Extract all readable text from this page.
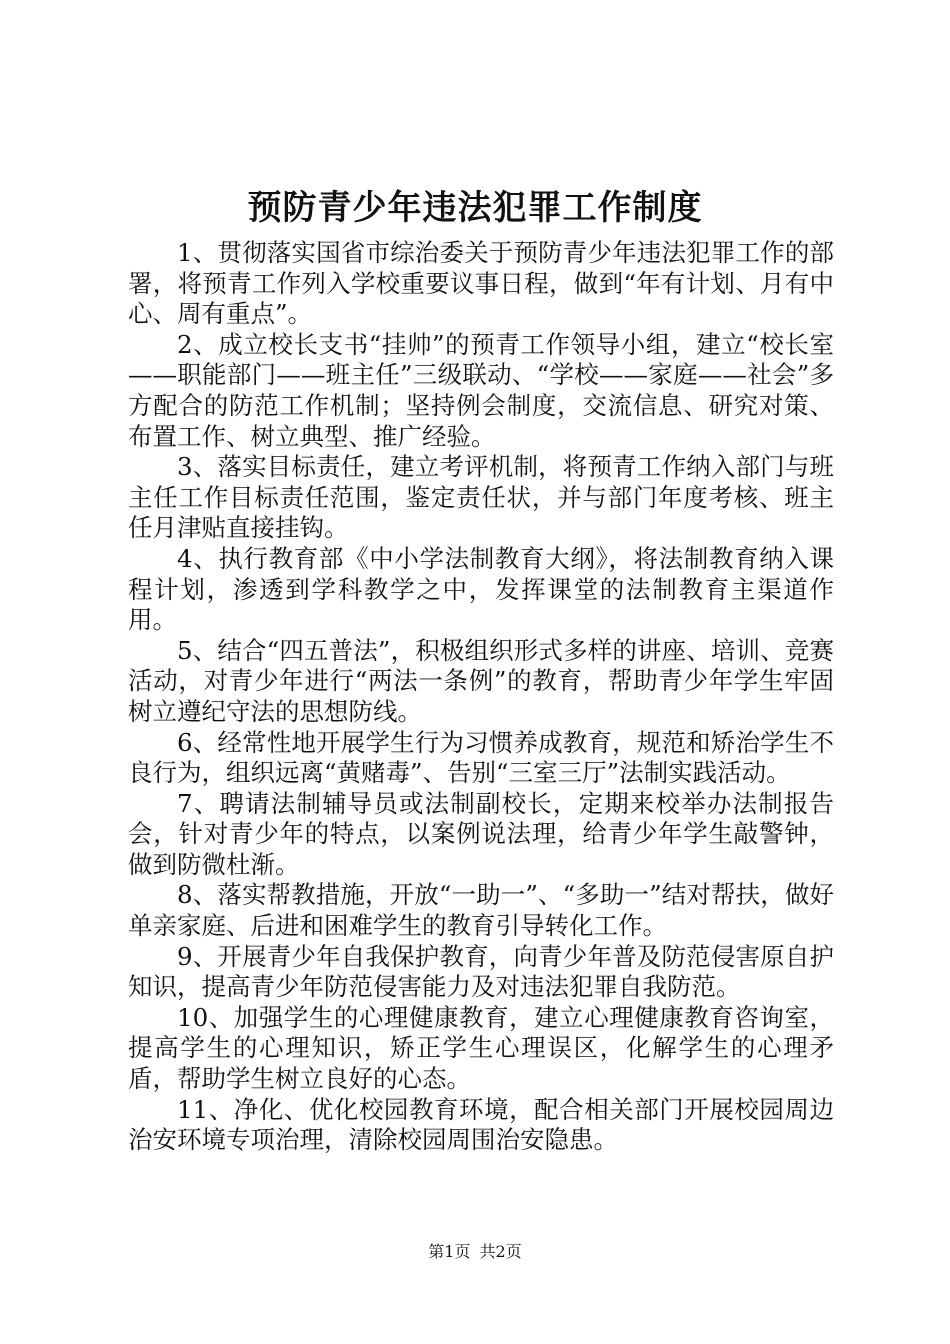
预防青少年违法犯罪工作制度

1、贯彻落实国省市综治委关于预防青少年违法犯罪工作的部署，将预青工作列入学校重要议事日程，做到“年有计划、月有中心、周有重点”。

2、成立校长支书“挂帅”的预青工作领导小组，建立“校长室——职能部门——班主任”三级联动、“学校——家庭——社会”多方配合的防范工作机制；坚持例会制度，交流信息、研究对策、布置工作、树立典型、推广经验。

3、落实目标责任，建立考评机制，将预青工作纳入部门与班主任工作目标责任范围，鉴定责任状，并与部门年度考核、班主任月津贴直接挂钩。

4、执行教育部《中小学法制教育大纲》，将法制教育纳入课程计划，渗透到学科教学之中，发挥课堂的法制教育主渠道作用。

5、结合“四五普法”，积极组织形式多样的讲座、培训、竞赛活动，对青少年进行“两法一条例”的教育，帮助青少年学生牢固树立遵纪守法的思想防线。

6、经常性地开展学生行为习惯养成教育，规范和矫治学生不良行为，组织远离“黄赌毒”、告别“三室三厅”法制实践活动。

7、聘请法制辅导员或法制副校长，定期来校举办法制报告会，针对青少年的特点，以案例说法理，给青少年学生敲警钟，做到防微杜渐。

8、落实帮教措施，开放“一助一”、“多助一”结对帮扶，做好单亲家庭、后进和困难学生的教育引导转化工作。

9、开展青少年自我保护教育，向青少年普及防范侵害原自护知识，提高青少年防范侵害能力及对违法犯罪自我防范。

10、加强学生的心理健康教育，建立心理健康教育咨询室，提高学生的心理知识，矫正学生心理误区，化解学生的心理矛盾，帮助学生树立良好的心态。

11、净化、优化校园教育环境，配合相关部门开展校园周边治安环境专项治理，清除校园周围治安隐患。

第1页 共2页
